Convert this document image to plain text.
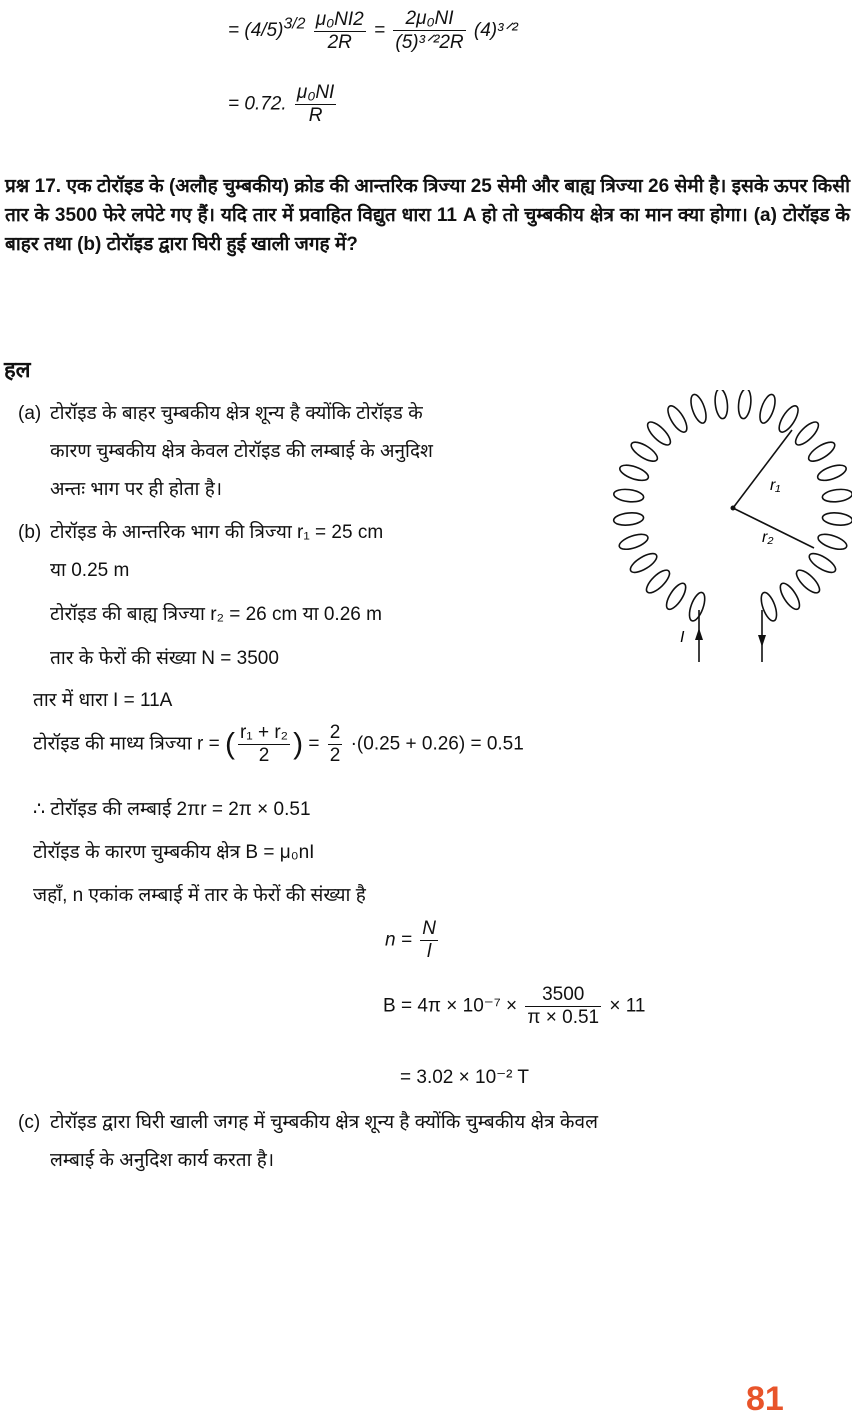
= $(4/5)^{3/2} \frac{\text{μ₀NI2}}{2R} = \frac{\text{2μ₀NI}}{\text{(5)³ᐟ²2R}}$ (4)³ᐟ²
= 0.72. $\frac{\text{μ₀NI}}{R}$
प्रश्न 17. एक टोरॉइड के (अलौह चुम्बकीय) क्रोड की आन्तरिक त्रिज्या 25 सेमी और बाह्य त्रिज्या 26 सेमी है। इसके ऊपर किसी तार के 3500 फेरे लपेटे गए हैं। यदि तार में प्रवाहित विद्युत धारा 11 A हो तो चुम्बकीय क्षेत्र का मान क्या होगा। (a) टोरॉइड के बाहर तथा (b) टोरॉइड द्वारा घिरी हुई खाली जगह में?
हल
(a) टोरॉइड के बाहर चुम्बकीय क्षेत्र शून्य है क्योंकि टोरॉइड के
कारण चुम्बकीय क्षेत्र केवल टोरॉइड की लम्बाई के अनुदिश
अन्तः भाग पर ही होता है।
(b) टोरॉइड के आन्तरिक भाग की त्रिज्या r₁ = 25 cm
या 0.25 m
टोरॉइड की बाह्य त्रिज्या r₂ = 26 cm या 0.26 m
तार के फेरों की संख्या N = 3500
तार में धारा I = 11A
टोरॉइड की माध्य त्रिज्या r = ( $\frac{\text{r₁ + r₂}}{2}$ ) = $\frac{2}{2} \cdot(0.25 + 0.26) = 0.51$
∴ टोरॉइड की लम्बाई 2πr = 2π × 0.51
टोरॉइड के कारण चुम्बकीय क्षेत्र B = μ₀nI
जहाँ, n एकांक लम्बाई में तार के फेरों की संख्या है
$n = \frac{N}{l}$
$B = 4\pi \times 10^{-7} \times \frac{3500}{\pi \times 0.51} \times 11$
= 3.02 × 10⁻² T
(c) टोरॉइड द्वारा घिरी खाली जगह में चुम्बकीय क्षेत्र शून्य है क्योंकि चुम्बकीय क्षेत्र केवल
लम्बाई के अनुदिश कार्य करता है।
r₁
r₂
I
81
